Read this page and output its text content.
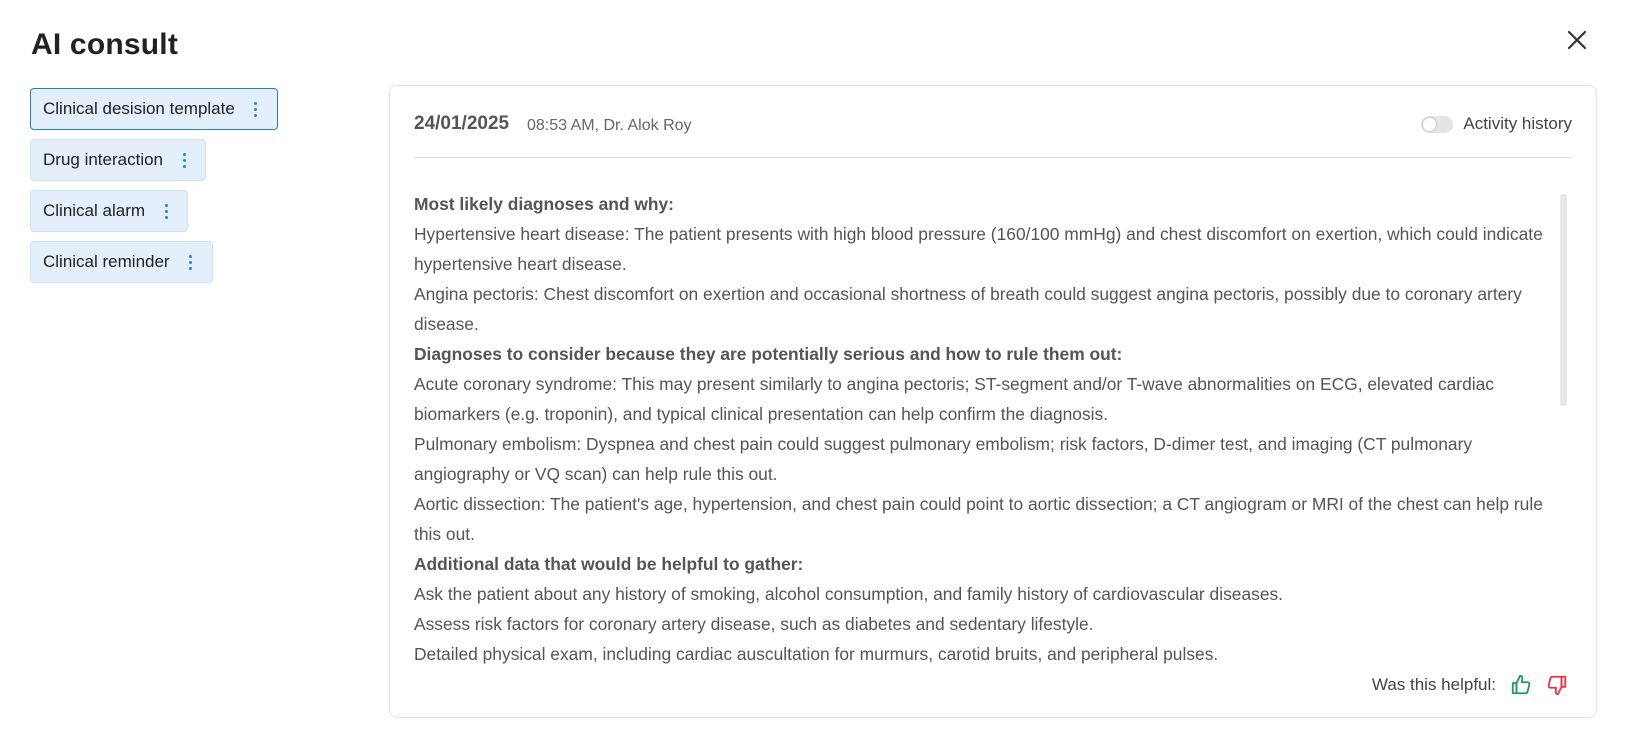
AI consult
Clinical desision template
Drug interaction
Clinical alarm
Clinical reminder
24/01/2025 08:53 AM, Dr. Alok Roy	Activity history

Most likely diagnoses and why:

Hypertensive heart disease: The patient presents with high blood pressure (160/100 mmHg) and chest discomfort on exertion, which could indicate hypertensive heart disease.

Angina pectoris: Chest discomfort on exertion and occasional shortness of breath could suggest angina pectoris, possibly due to coronary artery disease.

Diagnoses to consider because they are potentially serious and how to rule them out:

Acute coronary syndrome: This may present similarly to angina pectoris; ST-segment and/or T-wave abnormalities on ECG, elevated cardiac biomarkers (e.g. troponin), and typical clinical presentation can help confirm the diagnosis.

Pulmonary embolism: Dyspnea and chest pain could suggest pulmonary embolism; risk factors, D-dimer test, and imaging (CT pulmonary angiography or VQ scan) can help rule this out.

Aortic dissection: The patient's age, hypertension, and chest pain could point to aortic dissection; a CT angiogram or MRI of the chest can help rule this out.

Additional data that would be helpful to gather:

Ask the patient about any history of smoking, alcohol consumption, and family history of cardiovascular diseases.

Assess risk factors for coronary artery disease, such as diabetes and sedentary lifestyle.

Detailed physical exam, including cardiac auscultation for murmurs, carotid bruits, and peripheral pulses.

Was this helpful:
